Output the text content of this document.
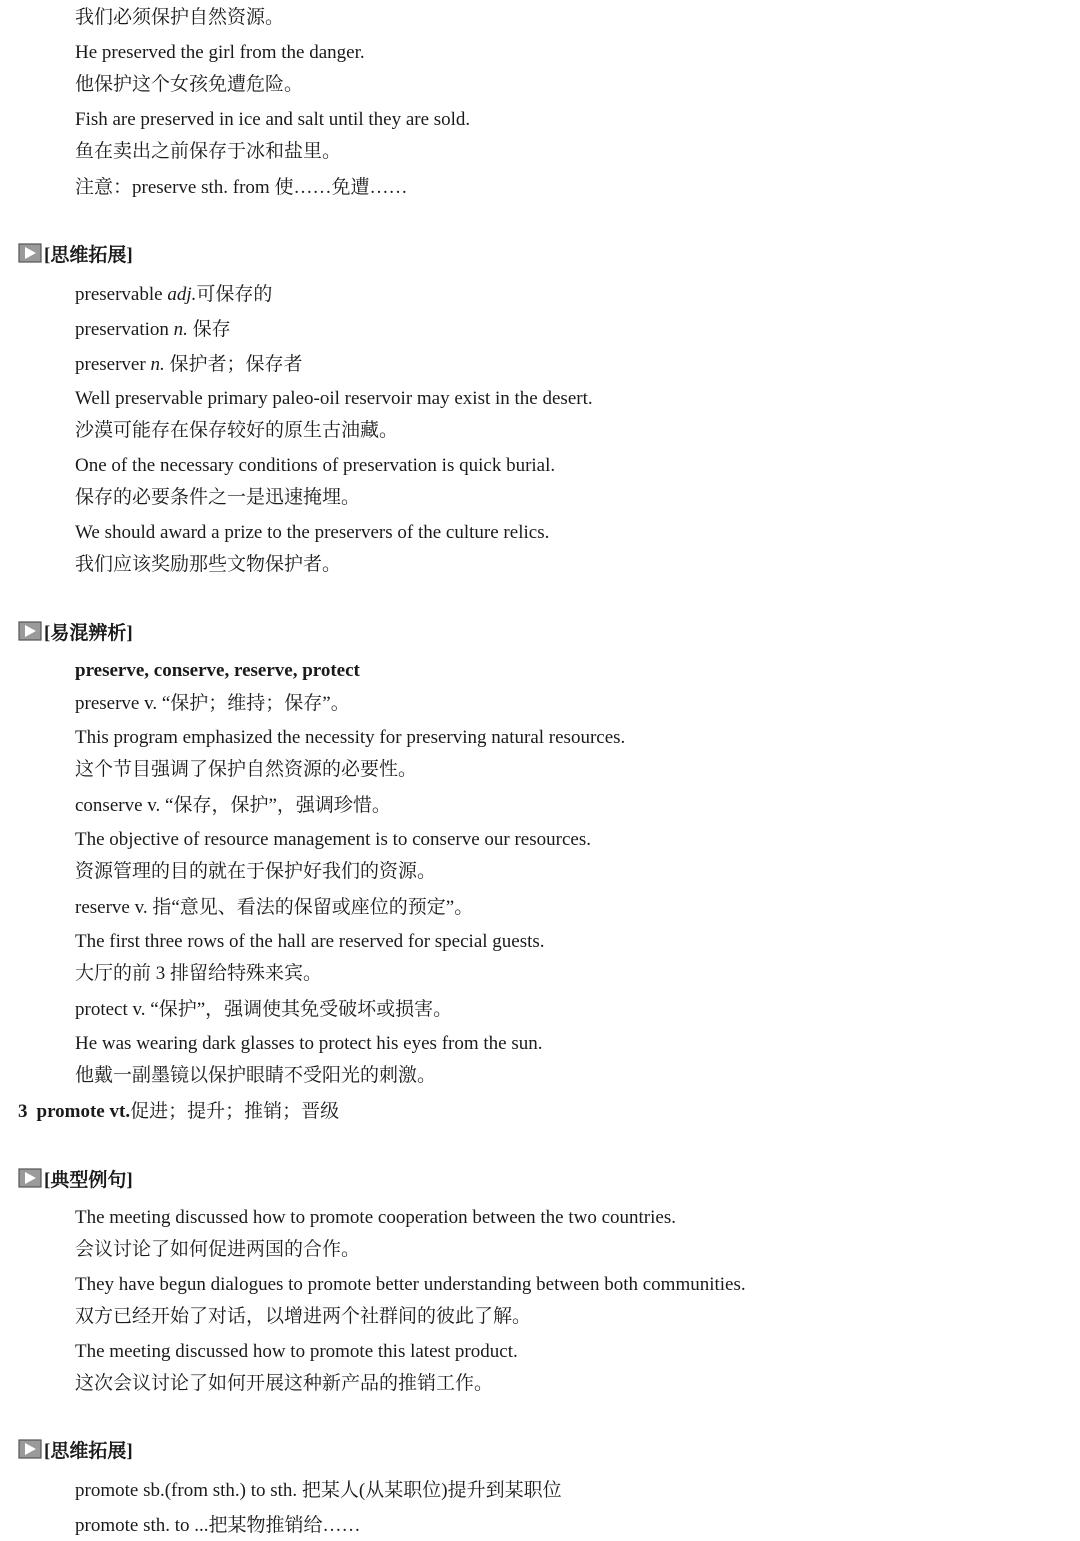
我们必须保护自然资源。
He preserved the girl from the danger.
他保护这个女孩免遭危险。
Fish are preserved in ice and salt until they are sold.
鱼在卖出之前保存于冰和盐里。
注意：preserve sth. from 使……免遭……
[思维拓展]
preservable adj.可保存的
preservation n. 保存
preserver n. 保护者；保存者
Well preservable primary paleo-oil reservoir may exist in the desert.
沙漠可能存在保存较好的原生古油藏。
One of the necessary conditions of preservation is quick burial.
保存的必要条件之一是迅速掩埋。
We should award a prize to the preservers of the culture relics.
我们应该奖励那些文物保护者。
[易混辨析]
preserve, conserve, reserve, protect
preserve v. “保护；维持；保存”。
This program emphasized the necessity for preserving natural resources.
这个节目强调了保护自然资源的必要性。
conserve v. “保存，保护”，强调珍惜。
The objective of resource management is to conserve our resources.
资源管理的目的就在于保护好我们的资源。
reserve v. 指“意见、看法的保留或座位的预定”。
The first three rows of the hall are reserved for special guests.
大厅的前 3 排留给特殊来宾。
protect v. “保护”，强调使其免受破坏或损害。
He was wearing dark glasses to protect his eyes from the sun.
他戴一副墨镜以保护眼睛不受阳光的刺激。
3 promote vt.促进；提升；推销；晋级
[典型例句]
The meeting discussed how to promote cooperation between the two countries.
会议讨论了如何促进两国的合作。
They have begun dialogues to promote better understanding between both communities.
双方已经开始了对话，以增进两个社群间的彼此了解。
The meeting discussed how to promote this latest product.
这次会议讨论了如何开展这种新产品的推销工作。
[思维拓展]
promote sb.(from sth.) to sth. 把某人(从某职位)提升到某职位
promote sth. to ...把某物推销给……
